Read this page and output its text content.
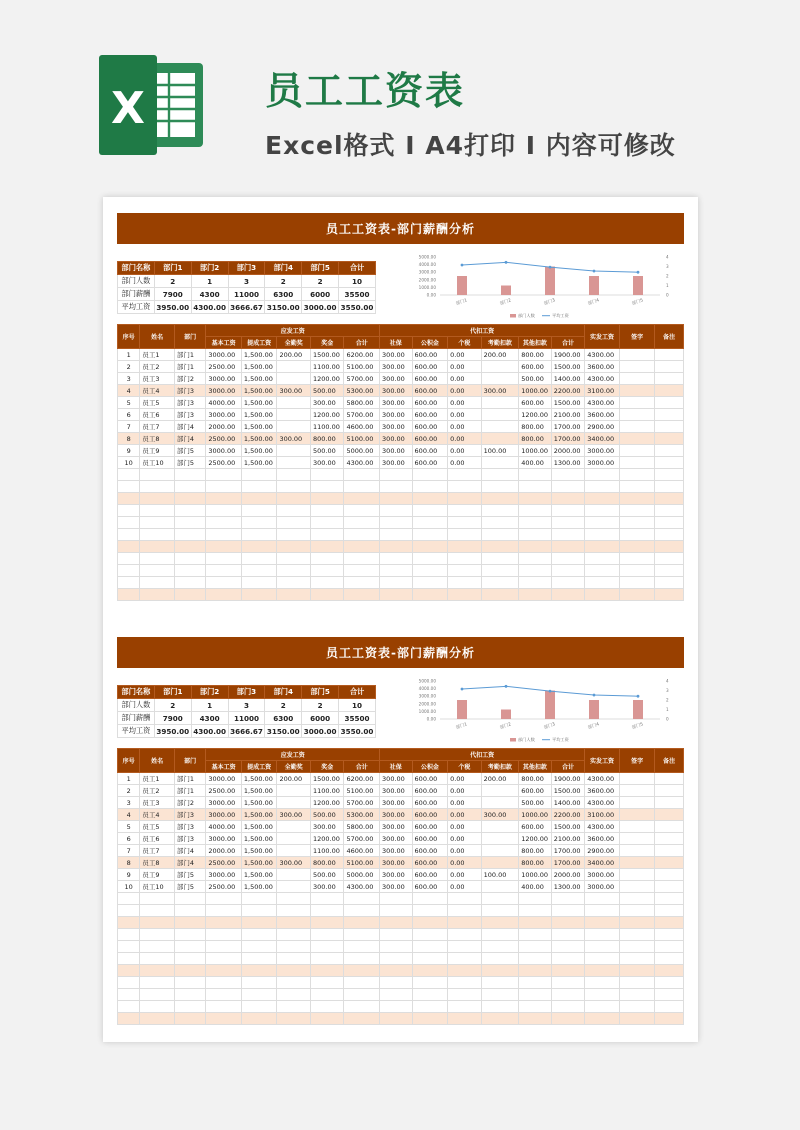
X	员工工资表
Excel格式 I A4打印 I 内容可修改
员工工资表-部门薪酬分析
部门名称	部门1	部门2	部门3	部门4	部门5	合计
部门人数	2	1	3	2	2	10
部门薪酬	7900	4300	11000	6300	6000	35500
平均工资	3950.00	4300.00	3666.67	3150.00	3000.00	3550.00
0.00
1000.00
2000.00
3000.00
4000.00
5000.00
0
1
2
3
4
部门1	部门2	部门3	部门4	部门5
部门人数	平均工资
序号	姓名	部门	应发工资					代扣工资						实发工资	签字	备注
			基本工资	提成工资	全勤奖	奖金	合计	社保	公积金	个税	考勤扣款	其他扣款	合计			
1	员工1	部门1	3000.00	1,500.00	200.00	1500.00	6200.00	300.00	600.00	0.00	200.00	800.00	1900.00	4300.00		
2	员工2	部门1	2500.00	1,500.00		1100.00	5100.00	300.00	600.00	0.00		600.00	1500.00	3600.00		
3	员工3	部门2	3000.00	1,500.00		1200.00	5700.00	300.00	600.00	0.00		500.00	1400.00	4300.00		
4	员工4	部门3	3000.00	1,500.00	300.00	500.00	5300.00	300.00	600.00	0.00	300.00	1000.00	2200.00	3100.00		
5	员工5	部门3	4000.00	1,500.00		300.00	5800.00	300.00	600.00	0.00		600.00	1500.00	4300.00		
6	员工6	部门3	3000.00	1,500.00		1200.00	5700.00	300.00	600.00	0.00		1200.00	2100.00	3600.00		
7	员工7	部门4	2000.00	1,500.00		1100.00	4600.00	300.00	600.00	0.00		800.00	1700.00	2900.00		
8	员工8	部门4	2500.00	1,500.00	300.00	800.00	5100.00	300.00	600.00	0.00		800.00	1700.00	3400.00		
9	员工9	部门5	3000.00	1,500.00		500.00	5000.00	300.00	600.00	0.00	100.00	1000.00	2000.00	3000.00		
10	员工10	部门5	2500.00	1,500.00		300.00	4300.00	300.00	600.00	0.00		400.00	1300.00	3000.00		

员工工资表-部门薪酬分析
部门名称	部门1	部门2	部门3	部门4	部门5	合计
部门人数	2	1	3	2	2	10
部门薪酬	7900	4300	11000	6300	6000	35500
平均工资	3950.00	4300.00	3666.67	3150.00	3000.00	3550.00
0.00
1000.00
2000.00
3000.00
4000.00
5000.00
0
1
2
3
4
部门1	部门2	部门3	部门4	部门5
部门人数	平均工资
序号	姓名	部门	应发工资					代扣工资						实发工资	签字	备注
			基本工资	提成工资	全勤奖	奖金	合计	社保	公积金	个税	考勤扣款	其他扣款	合计			
1	员工1	部门1	3000.00	1,500.00	200.00	1500.00	6200.00	300.00	600.00	0.00	200.00	800.00	1900.00	4300.00		
2	员工2	部门1	2500.00	1,500.00		1100.00	5100.00	300.00	600.00	0.00		600.00	1500.00	3600.00		
3	员工3	部门2	3000.00	1,500.00		1200.00	5700.00	300.00	600.00	0.00		500.00	1400.00	4300.00		
4	员工4	部门3	3000.00	1,500.00	300.00	500.00	5300.00	300.00	600.00	0.00	300.00	1000.00	2200.00	3100.00		
5	员工5	部门3	4000.00	1,500.00		300.00	5800.00	300.00	600.00	0.00		600.00	1500.00	4300.00		
6	员工6	部门3	3000.00	1,500.00		1200.00	5700.00	300.00	600.00	0.00		1200.00	2100.00	3600.00		
7	员工7	部门4	2000.00	1,500.00		1100.00	4600.00	300.00	600.00	0.00		800.00	1700.00	2900.00		
8	员工8	部门4	2500.00	1,500.00	300.00	800.00	5100.00	300.00	600.00	0.00		800.00	1700.00	3400.00		
9	员工9	部门5	3000.00	1,500.00		500.00	5000.00	300.00	600.00	0.00	100.00	1000.00	2000.00	3000.00		
10	员工10	部门5	2500.00	1,500.00		300.00	4300.00	300.00	600.00	0.00		400.00	1300.00	3000.00		
